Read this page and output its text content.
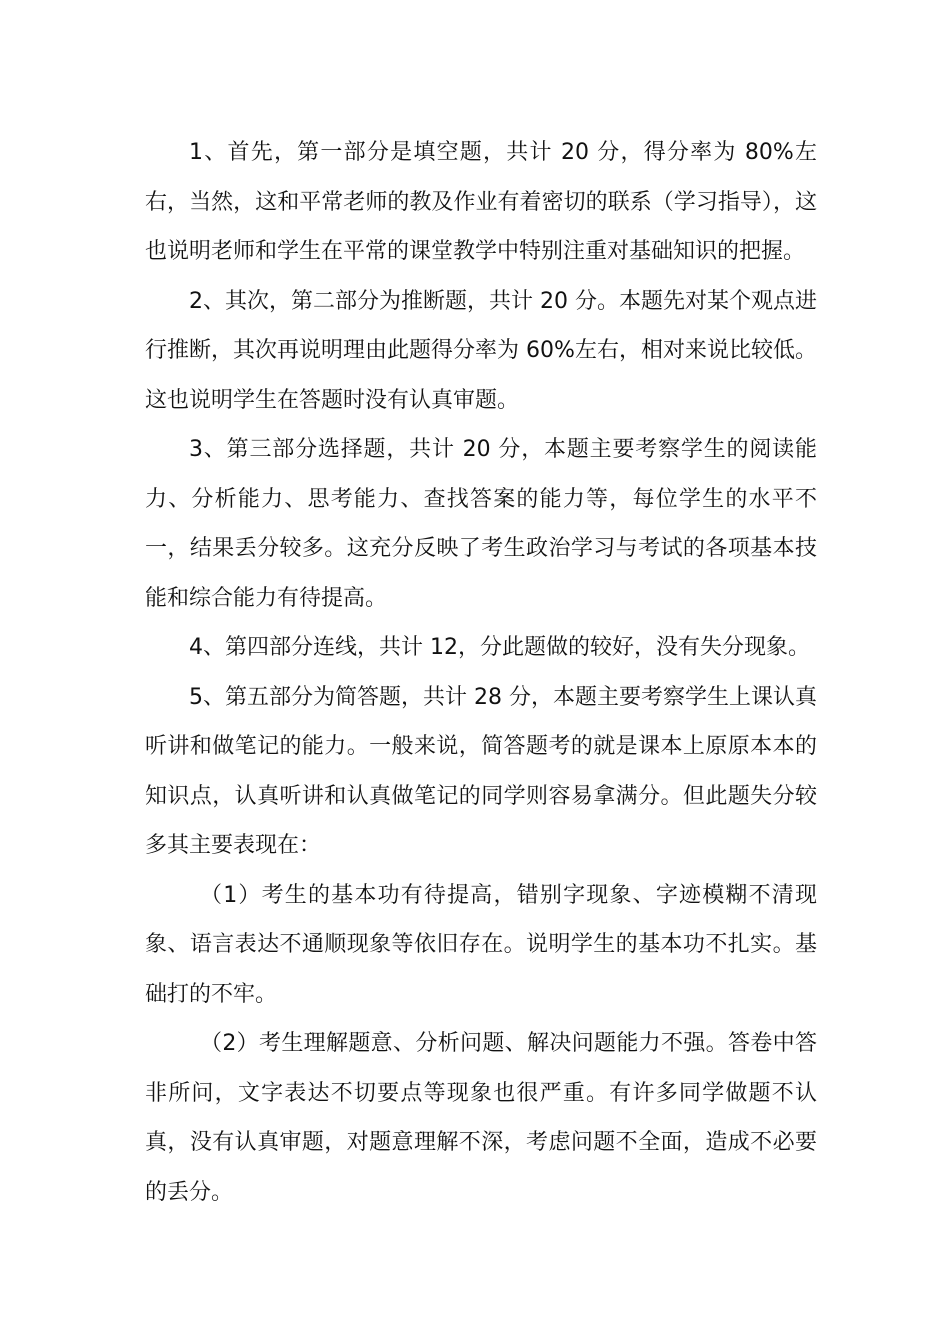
1、首先，第一部分是填空题，共计 20 分，得分率为 80%左右，当然，这和平常老师的教及作业有着密切的联系（学习指导），这也说明老师和学生在平常的课堂教学中特别注重对基础知识的把握。

2、其次，第二部分为推断题，共计 20 分。本题先对某个观点进行推断，其次再说明理由此题得分率为 60%左右，相对来说比较低。这也说明学生在答题时没有认真审题。

3、第三部分选择题，共计 20 分，本题主要考察学生的阅读能力、分析能力、思考能力、查找答案的能力等，每位学生的水平不一，结果丢分较多。这充分反映了考生政治学习与考试的各项基本技能和综合能力有待提高。

4、第四部分连线，共计 12，分此题做的较好，没有失分现象。

5、第五部分为简答题，共计 28 分，本题主要考察学生上课认真听讲和做笔记的能力。一般来说，简答题考的就是课本上原原本本的知识点，认真听讲和认真做笔记的同学则容易拿满分。但此题失分较多其主要表现在：

（1）考生的基本功有待提高，错别字现象、字迹模糊不清现象、语言表达不通顺现象等依旧存在。说明学生的基本功不扎实。基础打的不牢。

（2）考生理解题意、分析问题、解决问题能力不强。答卷中答非所问，文字表达不切要点等现象也很严重。有许多同学做题不认真，没有认真审题，对题意理解不深，考虑问题不全面，造成不必要的丢分。
